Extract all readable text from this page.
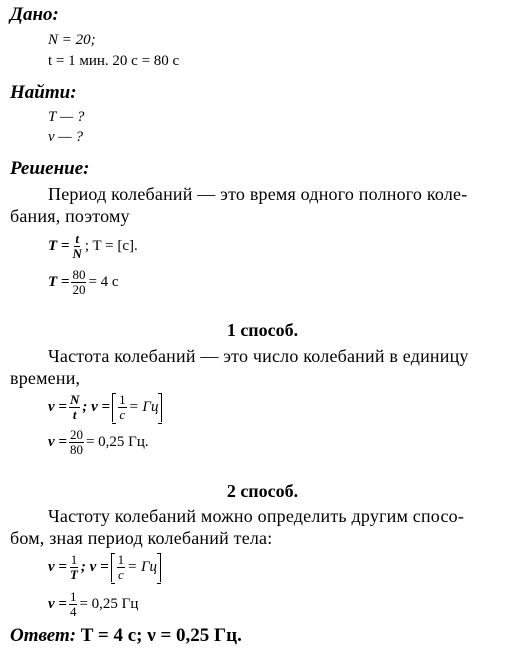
Дано:
N = 20;
t = 1 мин. 20 с = 80 с
Найти:
T — ?
ν — ?
Решение:
Период колебаний — это время одного полного коле-
бания, поэтому
$T = \frac{t}{N}$ ; T = [c].
$T = \frac{80}{20} = 4$ с
1 способ.
Частота колебаний — это число колебаний в единицу
времени,
$\nu = \frac{N}{t}$ ; $\nu = \frac{1}{c}$ = Гц
$\nu = \frac{20}{80} = 0,25$ Гц.
2 способ.
Частоту колебаний можно определить другим спосо-
бом, зная период колебаний тела:
$\nu = \frac{1}{T}$ ; $\nu = \frac{1}{c}$ = Гц
$\nu = \frac{1}{4} = 0,25$ Гц
Ответ: T = 4 с; ν = 0,25 Гц.
